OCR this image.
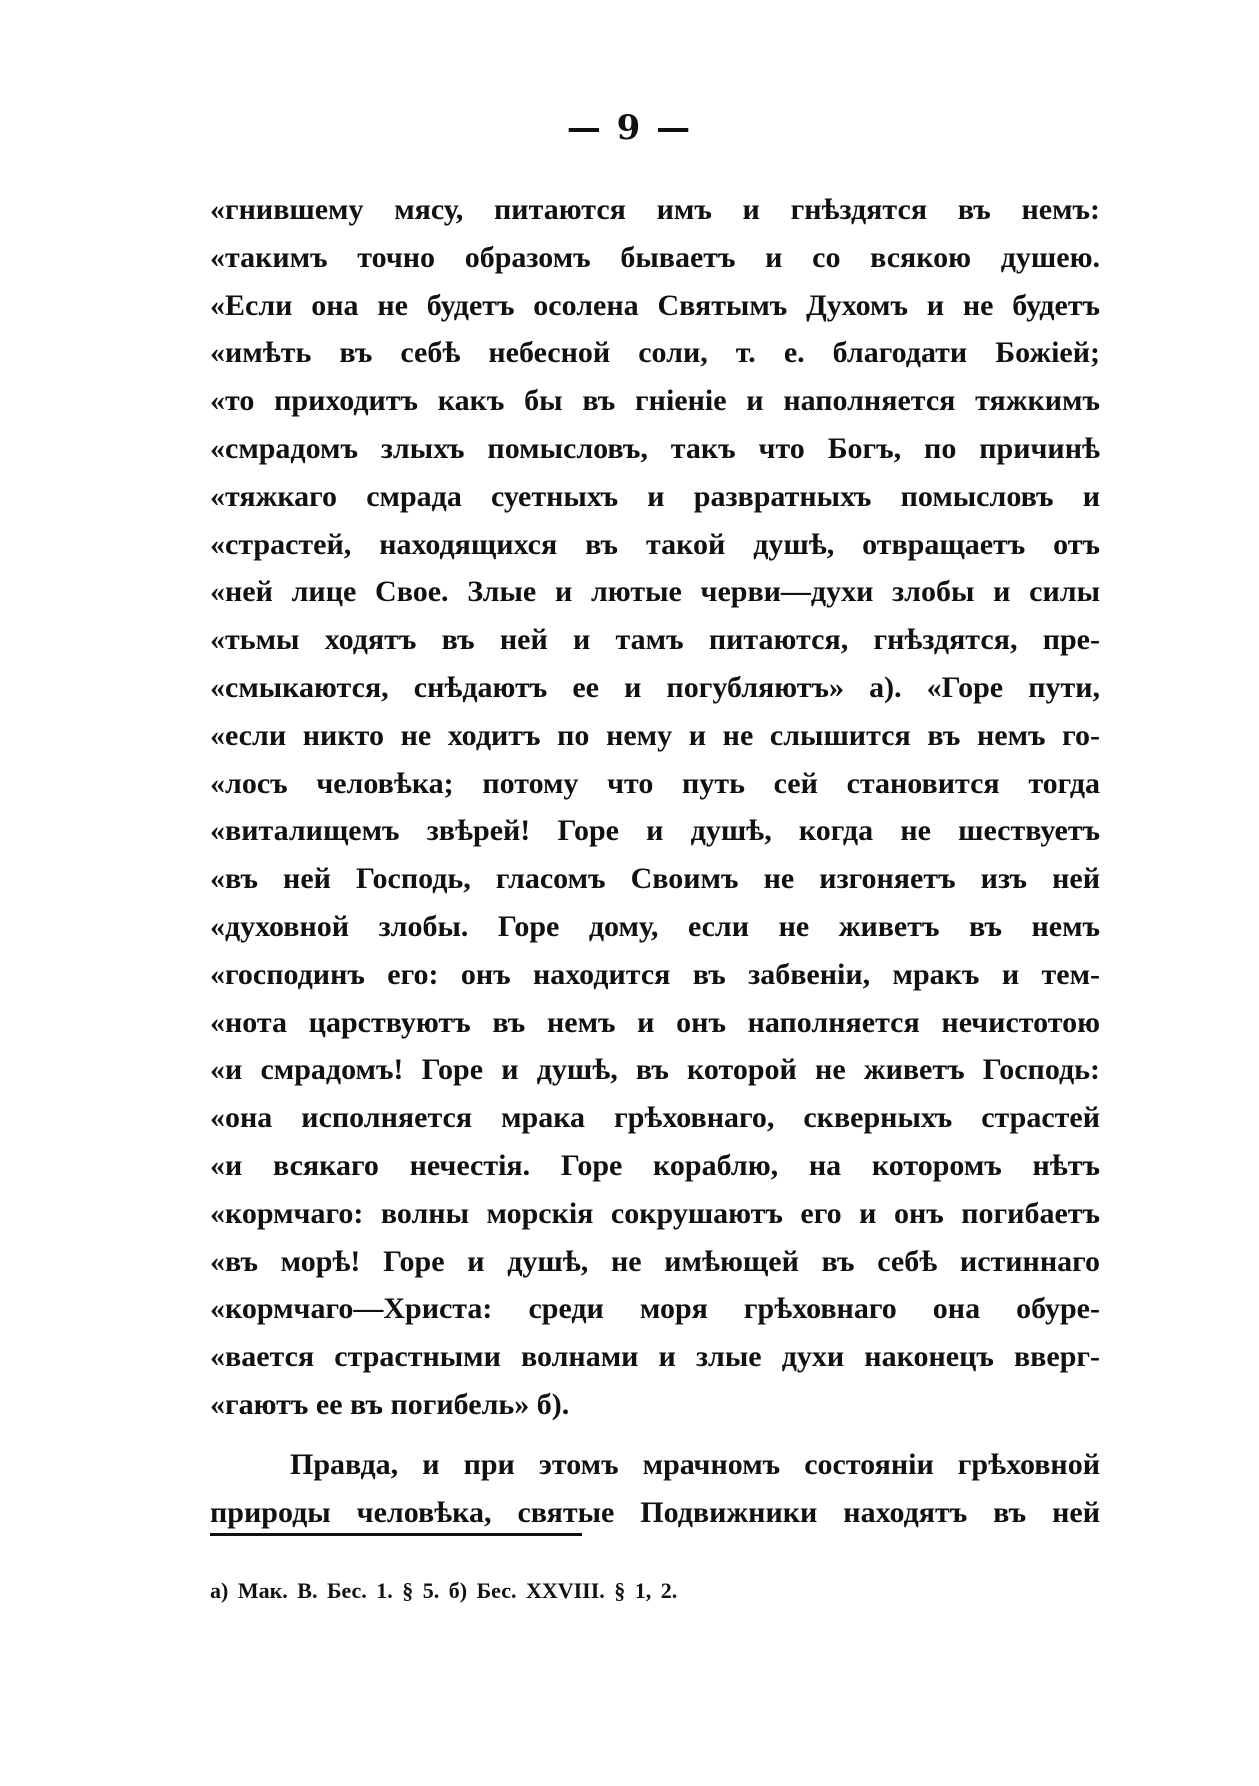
— 9 —
«гнившему мясу, питаются имъ и гнѣздятся въ немъ:
«такимъ точно образомъ бываетъ и со всякою душею.
«Если она не будетъ осолена Святымъ Духомъ и не будетъ
«имѣть въ себѣ небесной соли, т. е. благодати Божiей;
«то приходитъ какъ бы въ гнiенiе и наполняется тяжкимъ
«смрадомъ злыхъ помысловъ, такъ что Богъ, по причинѣ
«тяжкаго смрада суетныхъ и развратныхъ помысловъ и
«страстей, находящихся въ такой душѣ, отвращаетъ отъ
«ней лице Свое. Злые и лютые черви—духи злобы и силы
«тьмы ходятъ въ ней и тамъ питаются, гнѣздятся, пре-
«смыкаются, снѣдаютъ ее и погубляютъ» а). «Горе пути,
«если никто не ходитъ по нему и не слышится въ немъ го-
«лосъ человѣка; потому что путь сей становится тогда
«виталищемъ звѣрей! Горе и душѣ, когда не шествуетъ
«въ ней Господь, гласомъ Своимъ не изгоняетъ изъ ней
«духовной злобы. Горе дому, если не живетъ въ немъ
«господинъ его: онъ находится въ забвенiи, мракъ и тем-
«нота царствуютъ въ немъ и онъ наполняется нечистотою
«и смрадомъ! Горе и душѣ, въ которой не живетъ Господь:
«она исполняется мрака грѣховнаго, скверныхъ страстей
«и всякаго нечестiя. Горе кораблю, на которомъ нѣтъ
«кормчаго: волны морскiя сокрушаютъ его и онъ погибаетъ
«въ морѣ! Горе и душѣ, не имѣющей въ себѣ истиннаго
«кормчаго—Христа: среди моря грѣховнаго она обуре-
«вается страстными волнами и злые духи наконецъ вверг-
«гаютъ ее въ погибель» б).
Правда, и при этомъ мрачномъ состоянiи грѣховной
природы человѣка, святые Подвижники находятъ въ ней
а) Мак. В. Бес. 1. § 5. б) Бес. XXVIII. § 1, 2.
